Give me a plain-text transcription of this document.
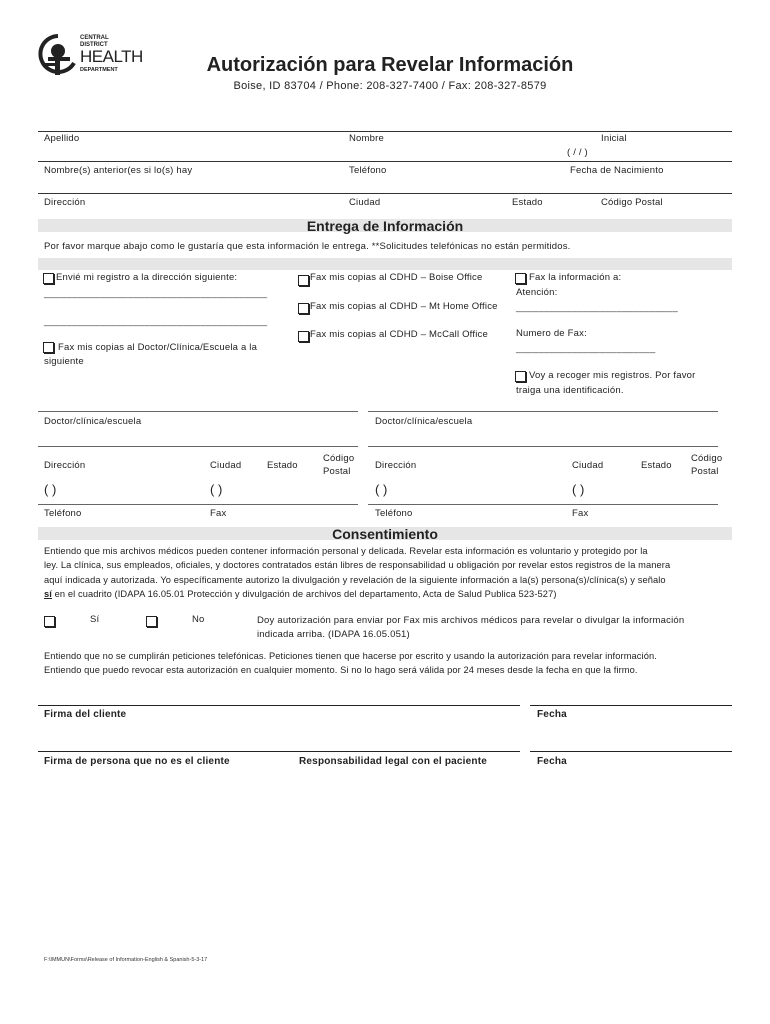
CENTRAL
DISTRICT
HEALTH
DEPARTMENT	Autorización para Revelar Información
Boise, ID 83704 / Phone: 208-327-7400 / Fax: 208-327-8579
Apellido	Nombre	Inicial
( / / )
Nombre(s) anterior(es si lo(s) hay	Teléfono	Fecha de Nacimiento
Dirección	Ciudad	Estado	Código Postal
Entrega de Información
Por favor marque abajo como le gustaría que esta información le entrega. **Solicitudes telefónicas no están permitidos.
Envié mi registro a la dirección siguiente:
________________________________________
________________________________________
Fax mis copias al Doctor/Clínica/Escuela a la
siguiente
Fax mis copias al CDHD – Boise Office
Fax mis copias al CDHD – Mt Home Office
Fax mis copias al CDHD – McCall Office
Fax la información a:
Atención:
_____________________________
Numero de Fax:
_________________________
Voy a recoger mis registros. Por favor
traiga una identificación.
Doctor/clínica/escuela	Doctor/clínica/escuela
Dirección	Ciudad	Estado
Código
Postal
Dirección	Ciudad	Estado
Código
Postal
( )	( )	( )	( )
Teléfono	Fax	Teléfono	Fax
Consentimiento
Entiendo que mis archivos médicos pueden contener información personal y delicada. Revelar esta información es voluntario y protegido por la
ley. La clínica, sus empleados, oficiales, y doctores contratados están libres de responsabilidad u obligación por revelar estos registros de la manera
aquí indicada y autorizada. Yo específicamente autorizo la divulgación y revelación de la siguiente información a la(s) persona(s)/clínica(s) y señalo
sí en el cuadrito (IDAPA 16.05.01 Protección y divulgación de archivos del departamento, Acta de Salud Publica 523-527)
Sí	No	Doy autorización para enviar por Fax mis archivos médicos para revelar o divulgar la información
indicada arriba. (IDAPA 16.05.051)
Entiendo que no se cumplirán peticiones telefónicas. Peticiones tienen que hacerse por escrito y usando la autorización para revelar información.
Entiendo que puedo revocar esta autorización en cualquier momento. Si no lo hago será válida por 24 meses desde la fecha en que la firmo.
Firma del cliente	Fecha
Firma de persona que no es el cliente	Responsabilidad legal con el paciente	Fecha
F:\IMMUN\Forms\Release of Information-English & Spanish-5-3-17
